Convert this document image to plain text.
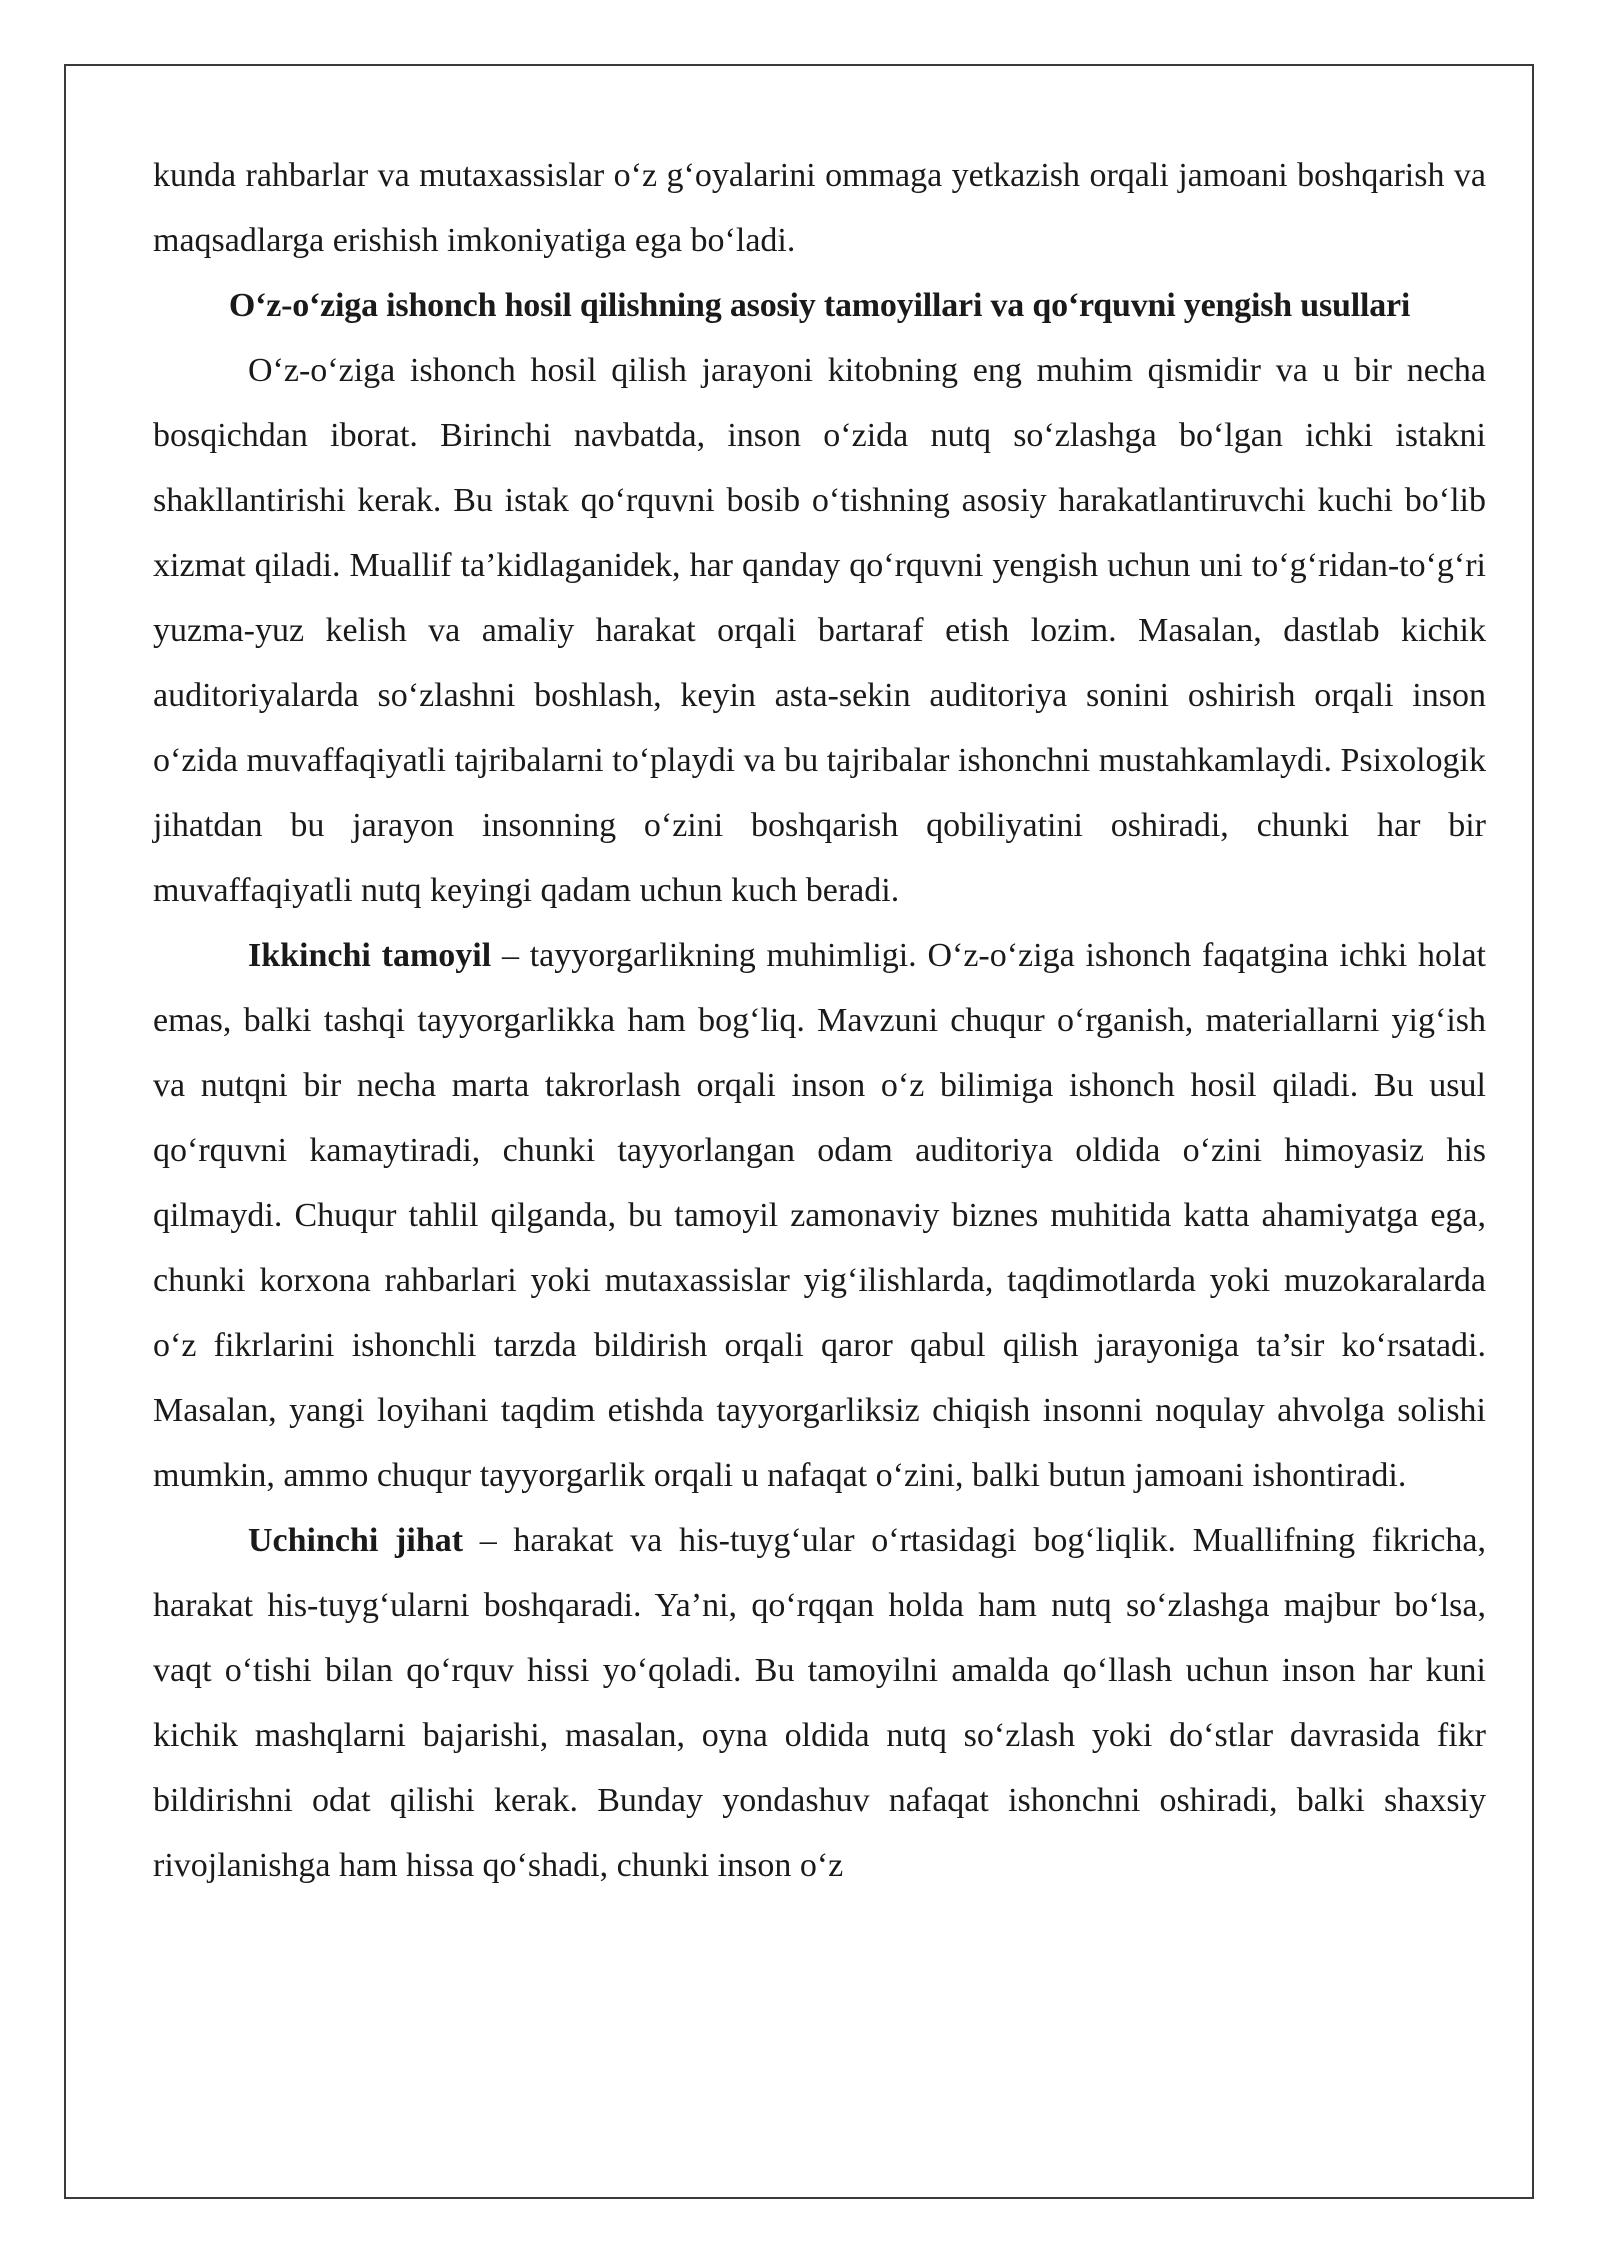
kunda rahbarlar va mutaxassislar o‘z g‘oyalarini ommaga yetkazish orqali jamoani boshqarish va maqsadlarga erishish imkoniyatiga ega bo‘ladi.

O‘z-o‘ziga ishonch hosil qilishning asosiy tamoyillari va qo‘rquvni yengish usullari

O‘z-o‘ziga ishonch hosil qilish jarayoni kitobning eng muhim qismidir va u bir necha bosqichdan iborat. Birinchi navbatda, inson o‘zida nutq so‘zlashga bo‘lgan ichki istakni shakllantirishi kerak. Bu istak qo‘rquvni bosib o‘tishning asosiy harakatlantiruvchi kuchi bo‘lib xizmat qiladi. Muallif ta’kidlaganidek, har qanday qo‘rquvni yengish uchun uni to‘g‘ridan-to‘g‘ri yuzma-yuz kelish va amaliy harakat orqali bartaraf etish lozim. Masalan, dastlab kichik auditoriyalarda so‘zlashni boshlash, keyin asta-sekin auditoriya sonini oshirish orqali inson o‘zida muvaffaqiyatli tajribalarni to‘playdi va bu tajribalar ishonchni mustahkamlaydi. Psixologik jihatdan bu jarayon insonning o‘zini boshqarish qobiliyatini oshiradi, chunki har bir muvaffaqiyatli nutq keyingi qadam uchun kuch beradi.

Ikkinchi tamoyil – tayyorgarlikning muhimligi. O‘z-o‘ziga ishonch faqatgina ichki holat emas, balki tashqi tayyorgarlikka ham bog‘liq. Mavzuni chuqur o‘rganish, materiallarni yig‘ish va nutqni bir necha marta takrorlash orqali inson o‘z bilimiga ishonch hosil qiladi. Bu usul qo‘rquvni kamaytiradi, chunki tayyorlangan odam auditoriya oldida o‘zini himoyasiz his qilmaydi. Chuqur tahlil qilganda, bu tamoyil zamonaviy biznes muhitida katta ahamiyatga ega, chunki korxona rahbarlari yoki mutaxassislar yig‘ilishlarda, taqdimotlarda yoki muzokaralarda o‘z fikrlarini ishonchli tarzda bildirish orqali qaror qabul qilish jarayoniga ta’sir ko‘rsatadi. Masalan, yangi loyihani taqdim etishda tayyorgarliksiz chiqish insonni noqulay ahvolga solishi mumkin, ammo chuqur tayyorgarlik orqali u nafaqat o‘zini, balki butun jamoani ishontiradi.

Uchinchi jihat – harakat va his-tuyg‘ular o‘rtasidagi bog‘liqlik. Muallifning fikricha, harakat his-tuyg‘ularni boshqaradi. Ya’ni, qo‘rqqan holda ham nutq so‘zlashga majbur bo‘lsa, vaqt o‘tishi bilan qo‘rquv hissi yo‘qoladi. Bu tamoyilni amalda qo‘llash uchun inson har kuni kichik mashqlarni bajarishi, masalan, oyna oldida nutq so‘zlash yoki do‘stlar davrasida fikr bildirishni odat qilishi kerak. Bunday yondashuv nafaqat ishonchni oshiradi, balki shaxsiy rivojlanishga ham hissa qo‘shadi, chunki inson o‘z
